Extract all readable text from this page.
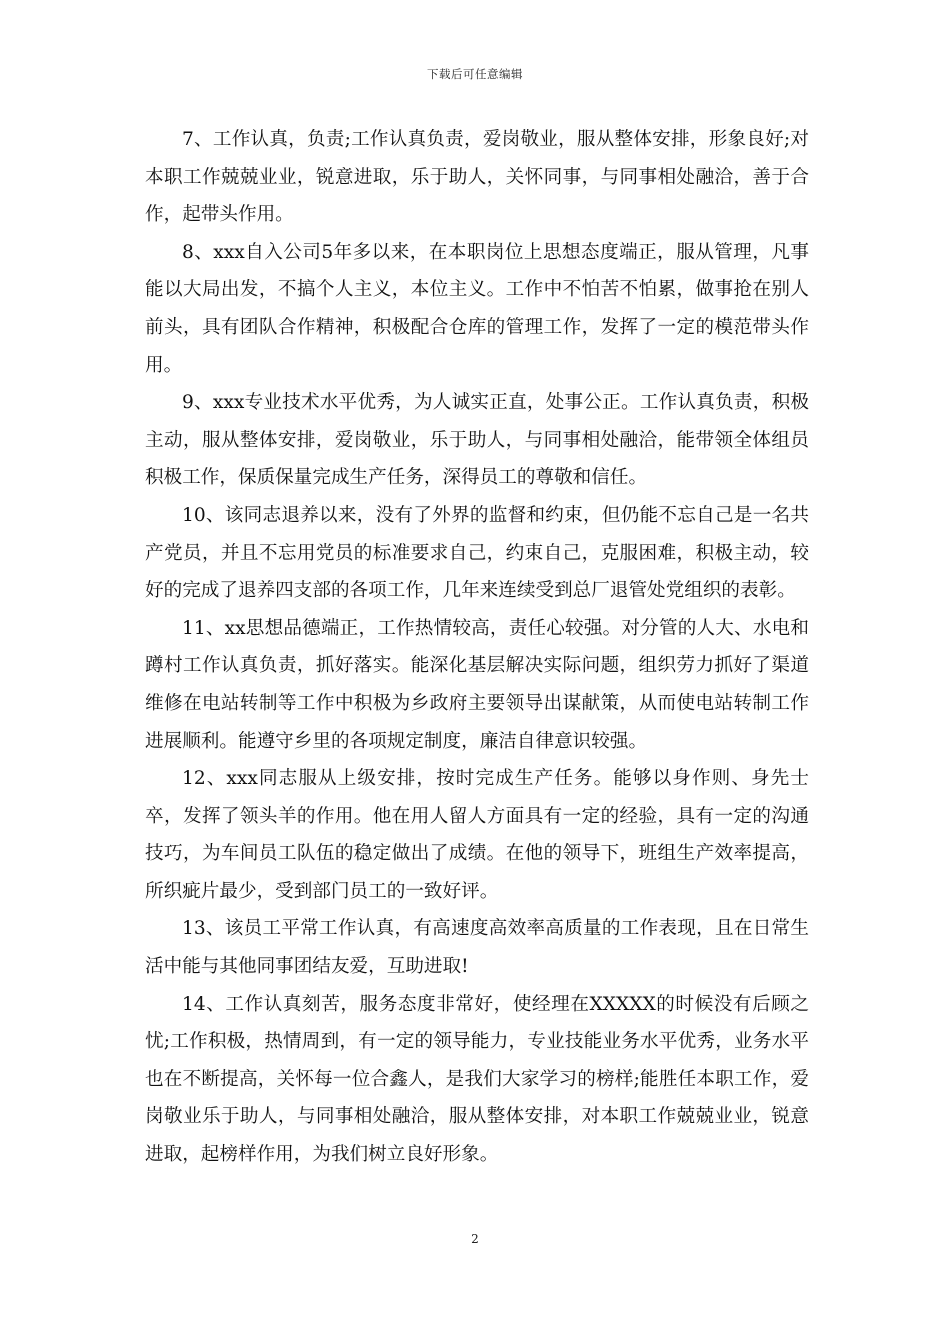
下载后可任意编辑

7、工作认真，负责;工作认真负责，爱岗敬业，服从整体安排，形象良好;对本职工作兢兢业业，锐意进取，乐于助人，关怀同事，与同事相处融洽，善于合作，起带头作用。

8、xxx自入公司5年多以来，在本职岗位上思想态度端正，服从管理，凡事能以大局出发，不搞个人主义，本位主义。工作中不怕苦不怕累，做事抢在别人前头，具有团队合作精神，积极配合仓库的管理工作，发挥了一定的模范带头作用。

9、xxx专业技术水平优秀，为人诚实正直，处事公正。工作认真负责，积极主动，服从整体安排，爱岗敬业，乐于助人，与同事相处融洽，能带领全体组员积极工作，保质保量完成生产任务，深得员工的尊敬和信任。

10、该同志退养以来，没有了外界的监督和约束，但仍能不忘自己是一名共产党员，并且不忘用党员的标准要求自己，约束自己，克服困难，积极主动，较好的完成了退养四支部的各项工作，几年来连续受到总厂退管处党组织的表彰。

11、xx思想品德端正，工作热情较高，责任心较强。对分管的人大、水电和蹲村工作认真负责，抓好落实。能深化基层解决实际问题，组织劳力抓好了渠道维修在电站转制等工作中积极为乡政府主要领导出谋献策，从而使电站转制工作进展顺利。能遵守乡里的各项规定制度，廉洁自律意识较强。

12、xxx同志服从上级安排，按时完成生产任务。能够以身作则、身先士卒，发挥了领头羊的作用。他在用人留人方面具有一定的经验，具有一定的沟通技巧，为车间员工队伍的稳定做出了成绩。在他的领导下，班组生产效率提高，所织疵片最少，受到部门员工的一致好评。

13、该员工平常工作认真，有高速度高效率高质量的工作表现，且在日常生活中能与其他同事团结友爱，互助进取!

14、工作认真刻苦，服务态度非常好，使经理在XXXXX的时候没有后顾之忧;工作积极，热情周到，有一定的领导能力，专业技能业务水平优秀，业务水平也在不断提高，关怀每一位合鑫人，是我们大家学习的榜样;能胜任本职工作，爱岗敬业乐于助人，与同事相处融洽，服从整体安排，对本职工作兢兢业业，锐意进取，起榜样作用，为我们树立良好形象。

2
